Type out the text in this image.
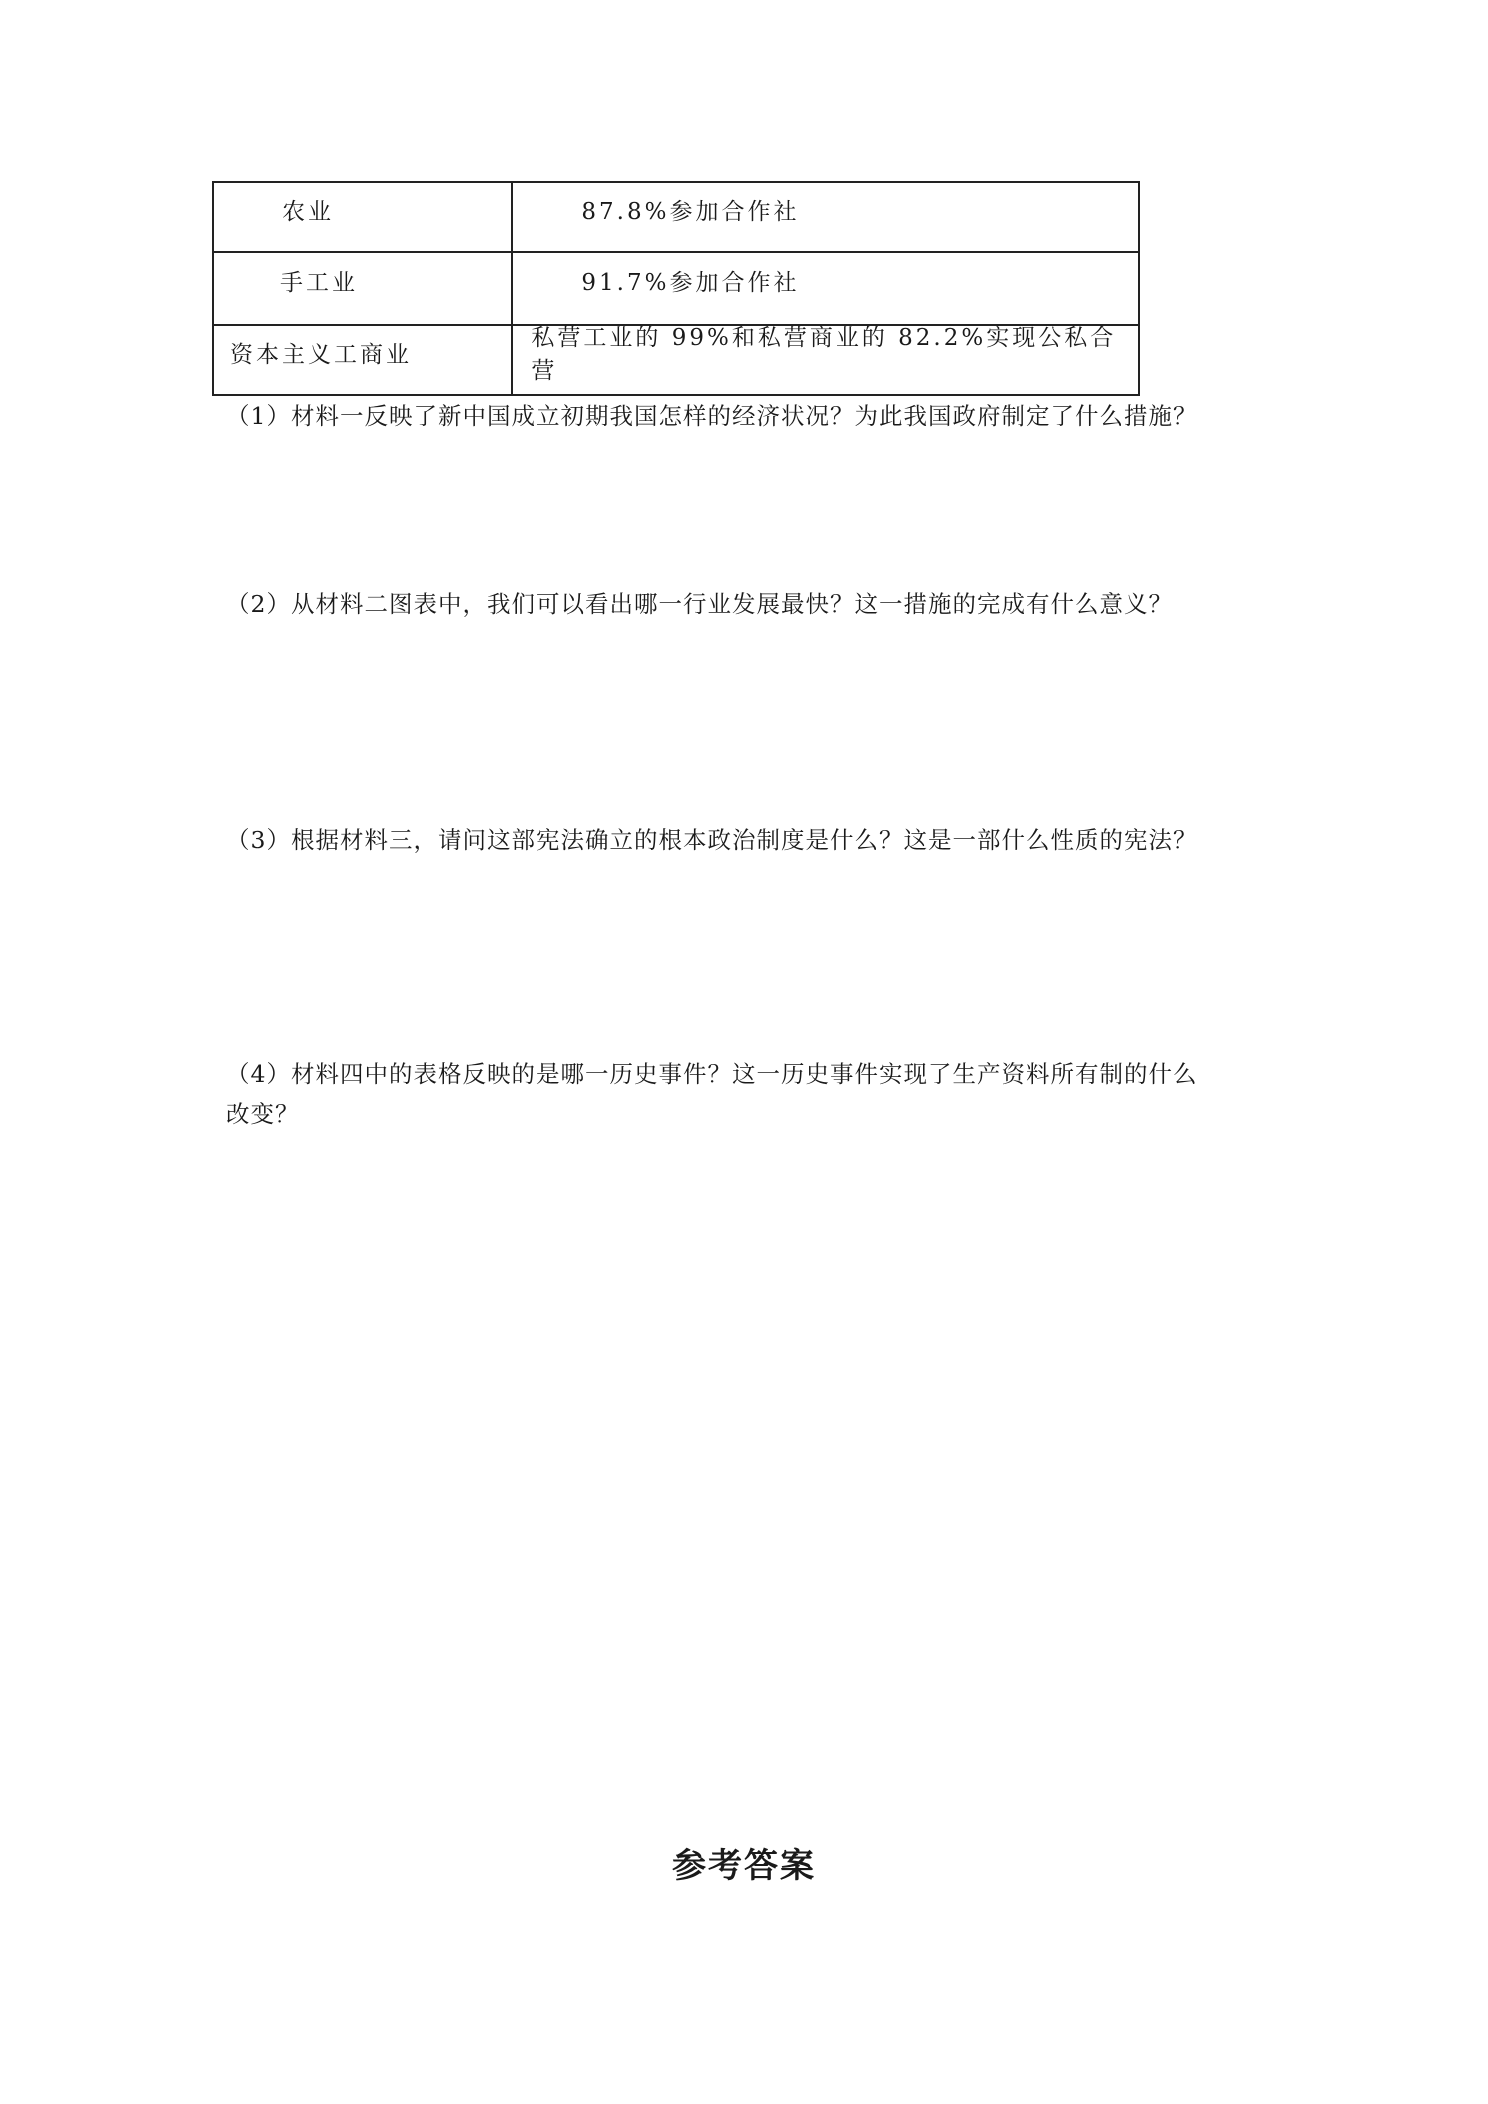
农业	87.8%参加合作社

手工业	91.7%参加合作社

资本主义工商业	私营工业的 99%和私营商业的 82.2%实现公私合营

（1）材料一反映了新中国成立初期我国怎样的经济状况？为此我国政府制定了什么措施？

（2）从材料二图表中，我们可以看出哪一行业发展最快？这一措施的完成有什么意义？

（3）根据材料三，请问这部宪法确立的根本政治制度是什么？这是一部什么性质的宪法？

（4）材料四中的表格反映的是哪一历史事件？这一历史事件实现了生产资料所有制的什么
改变？

参考答案
